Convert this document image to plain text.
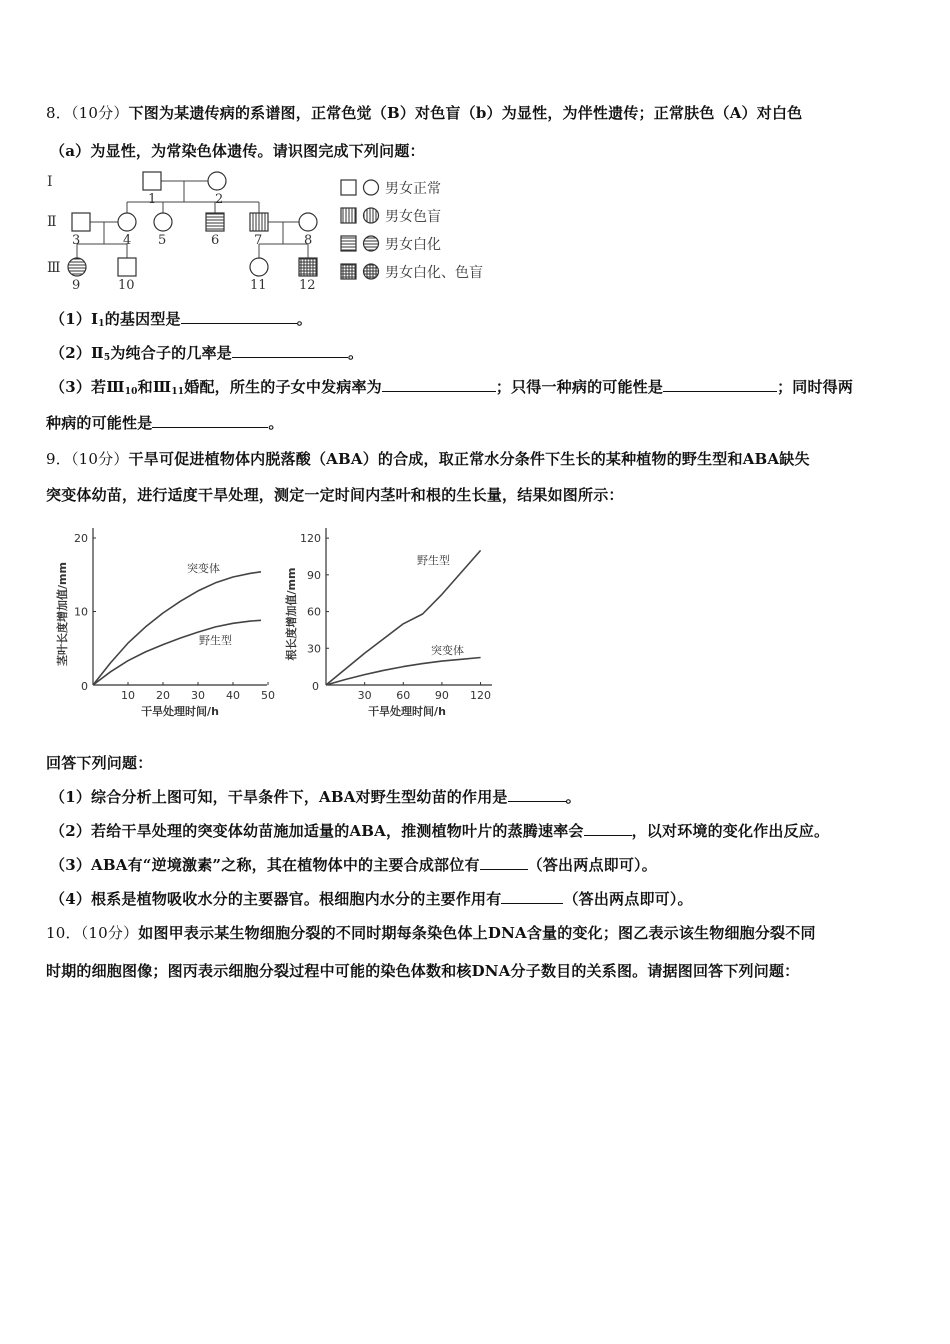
8．（10分）下图为某遗传病的系谱图，正常色觉（B）对色盲（b）为显性，为伴性遗传；正常肤色（A）对白色
（a）为显性，为常染色体遗传。请识图完成下列问题：
Ⅰ
Ⅱ
Ⅲ
1	2
3	4 5	6	7	8
9	10	11 12
男女正常
男女色盲
男女白化
男女白化、色盲
$(1)Ⅰ_1$的基因型是	。
$(2)Ⅱ_5$为纯合子的几率是	。
（3）若$Ⅲ_{10}$和$Ⅲ_{11}$婚配，所生的子女中发病率为	；只得一种病的可能性是	；同时得两
种病的可能性是	。
9．（10分）干旱可促进植物体内脱落酸（ABA）的合成，取正常水分条件下生长的某种植物的野生型和ABA缺失
突变体幼苗，进行适度干旱处理，测定一定时间内茎叶和根的生长量，结果如图所示：
茎叶长度增加值/mm
10 20 30 40 50
10
20
0
干旱处理时间/h
突变体
野生型	根长度增加值/mm
30 60 90 120
30
60
90
120
0
干旱处理时间/h
野生型
突变体
回答下列问题：
（1）综合分析上图可知，干旱条件下，ABA对野生型幼苗的作用是	。
（2）若给干旱处理的突变体幼苗施加适量的ABA，推测植物叶片的蒸腾速率会	，以对环境的变化作出反应。
（3）ABA有“逆境激素”之称，其在植物体中的主要合成部位有	（答出两点即可）。
（4）根系是植物吸收水分的主要器官。根细胞内水分的主要作用有	（答出两点即可）。
10．（10分）如图甲表示某生物细胞分裂的不同时期每条染色体上DNA含量的变化；图乙表示该生物细胞分裂不同
时期的细胞图像；图丙表示细胞分裂过程中可能的染色体数和核DNA分子数目的关系图。请据图回答下列问题：
